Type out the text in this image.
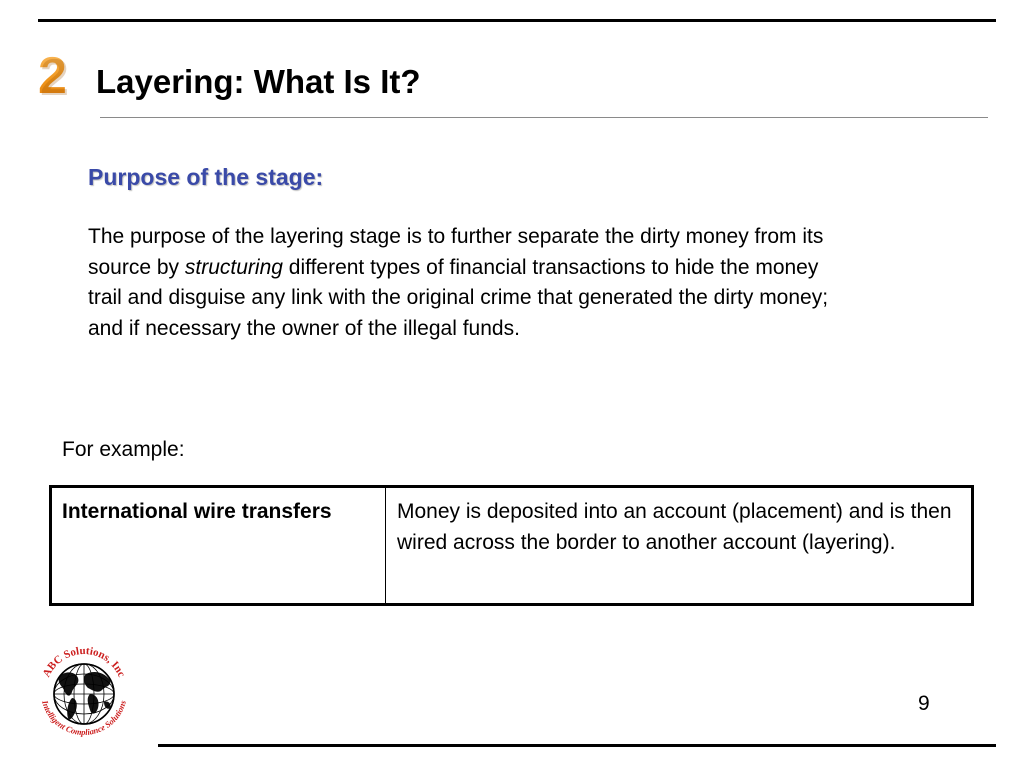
2 Layering: What Is It?
Purpose of the stage:
The purpose of the layering stage is to further separate the dirty money from its source by structuring different types of financial transactions to hide the money trail and disguise any link with the original crime that generated the dirty money; and if necessary the owner of the illegal funds.
For example:
International wire transfers	Money is deposited into an account (placement) and is then wired across the border to another account (layering).
ABC Solutions, Inc
Intelligent Compliance Solutions	9
